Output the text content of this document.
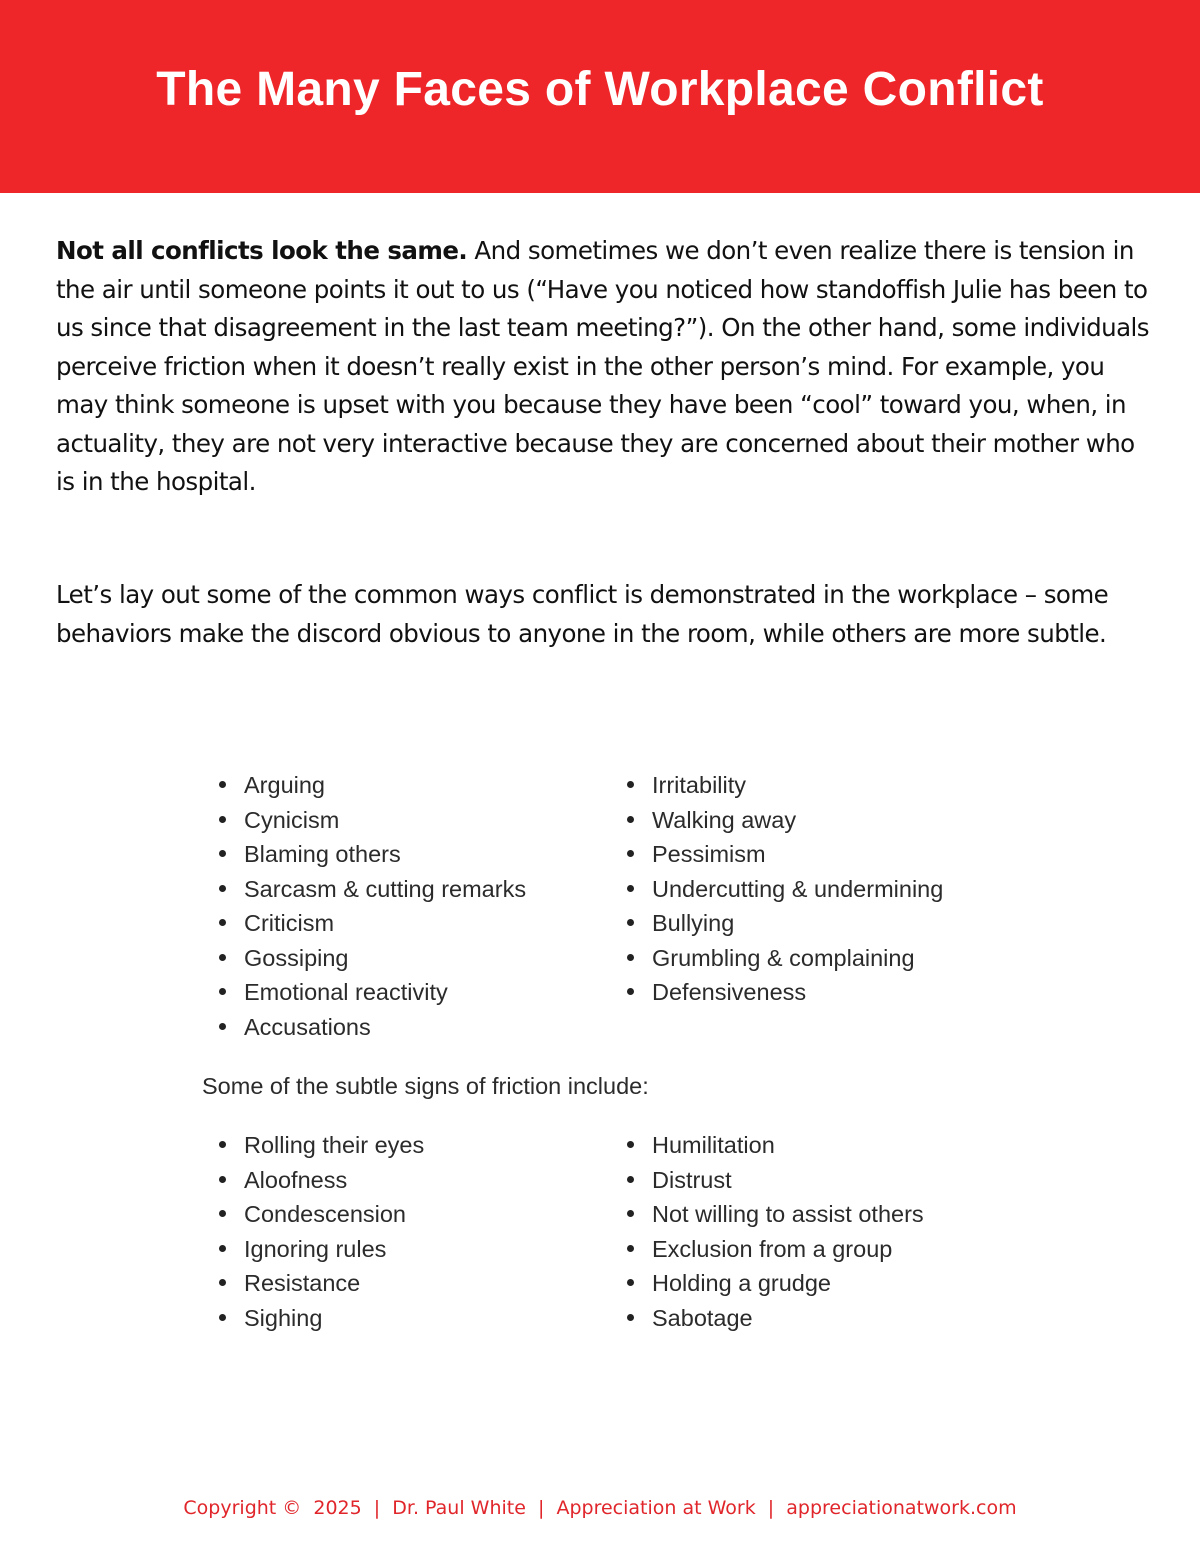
The Many Faces of Workplace Conflict

Not all conflicts look the same. And sometimes we don’t even realize there is tension in the air until someone points it out to us (“Have you noticed how standoffish Julie has been to us since that disagreement in the last team meeting?”). On the other hand, some individuals perceive friction when it doesn’t really exist in the other person’s mind. For example, you may think someone is upset with you because they have been “cool” toward you, when, in actuality, they are not very interactive because they are concerned about their mother who is in the hospital.

Let’s lay out some of the common ways conflict is demonstrated in the workplace – some behaviors make the discord obvious to anyone in the room, while others are more subtle.

Arguing
Cynicism
Blaming others
Sarcasm & cutting remarks
Criticism
Gossiping
Emotional reactivity
Accusations
Irritability
Walking away
Pessimism
Undercutting & undermining
Bullying
Grumbling & complaining
Defensiveness

Some of the subtle signs of friction include:

Rolling their eyes
Aloofness
Condescension
Ignoring rules
Resistance
Sighing
Humilitation
Distrust
Not willing to assist others
Exclusion from a group
Holding a grudge
Sabotage
Copyright ©  2025  |  Dr. Paul White  |  Appreciation at Work  |  appreciationatwork.com
